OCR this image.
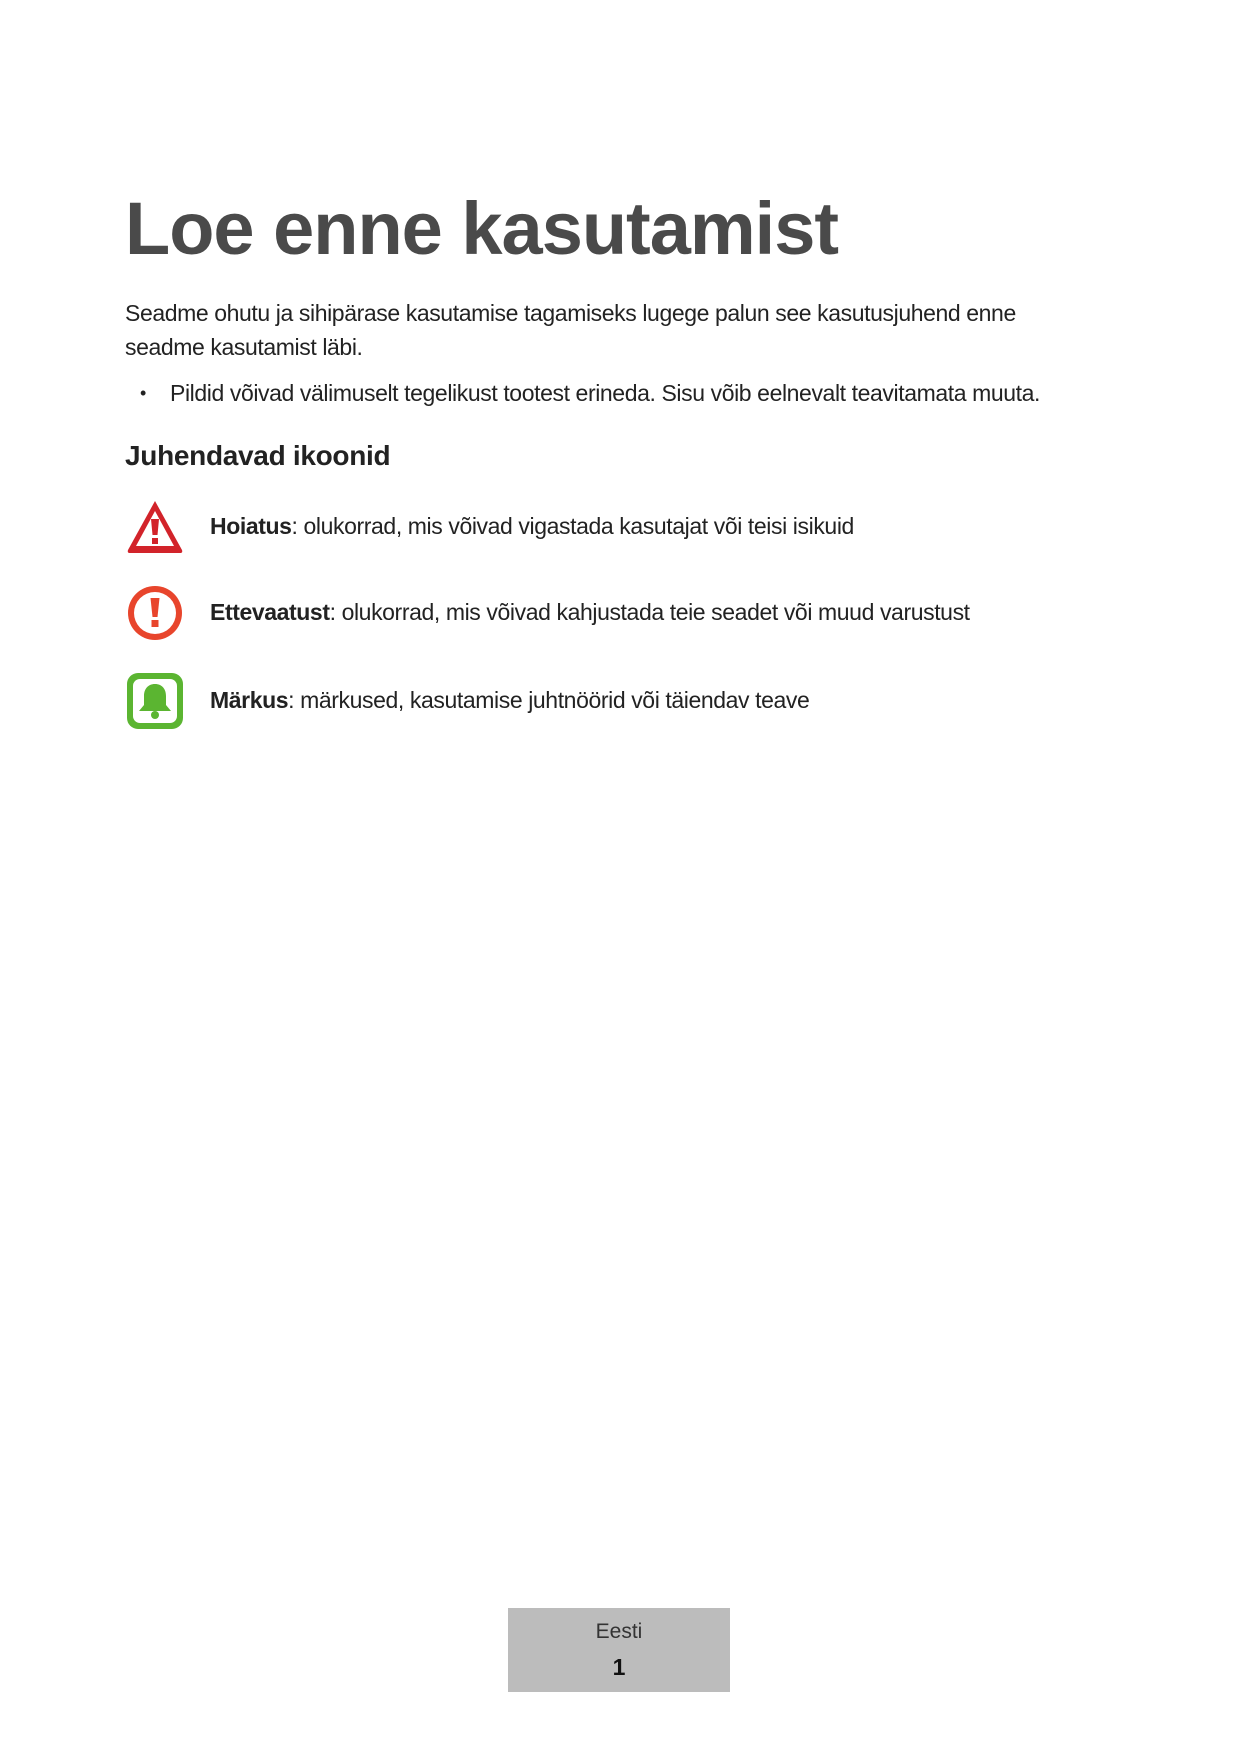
Loe enne kasutamist

Seadme ohutu ja sihipärase kasutamise tagamiseks lugege palun see kasutusjuhend enne seadme kasutamist läbi.

• Pildid võivad välimuselt tegelikust tootest erineda. Sisu võib eelnevalt teavitamata muuta.
Juhendavad ikoonid
Hoiatus: olukorrad, mis võivad vigastada kasutajat või teisi isikuid
Ettevaatust: olukorrad, mis võivad kahjustada teie seadet või muud varustust
Märkus: märkused, kasutamise juhtnöörid või täiendav teave
Eesti
1
